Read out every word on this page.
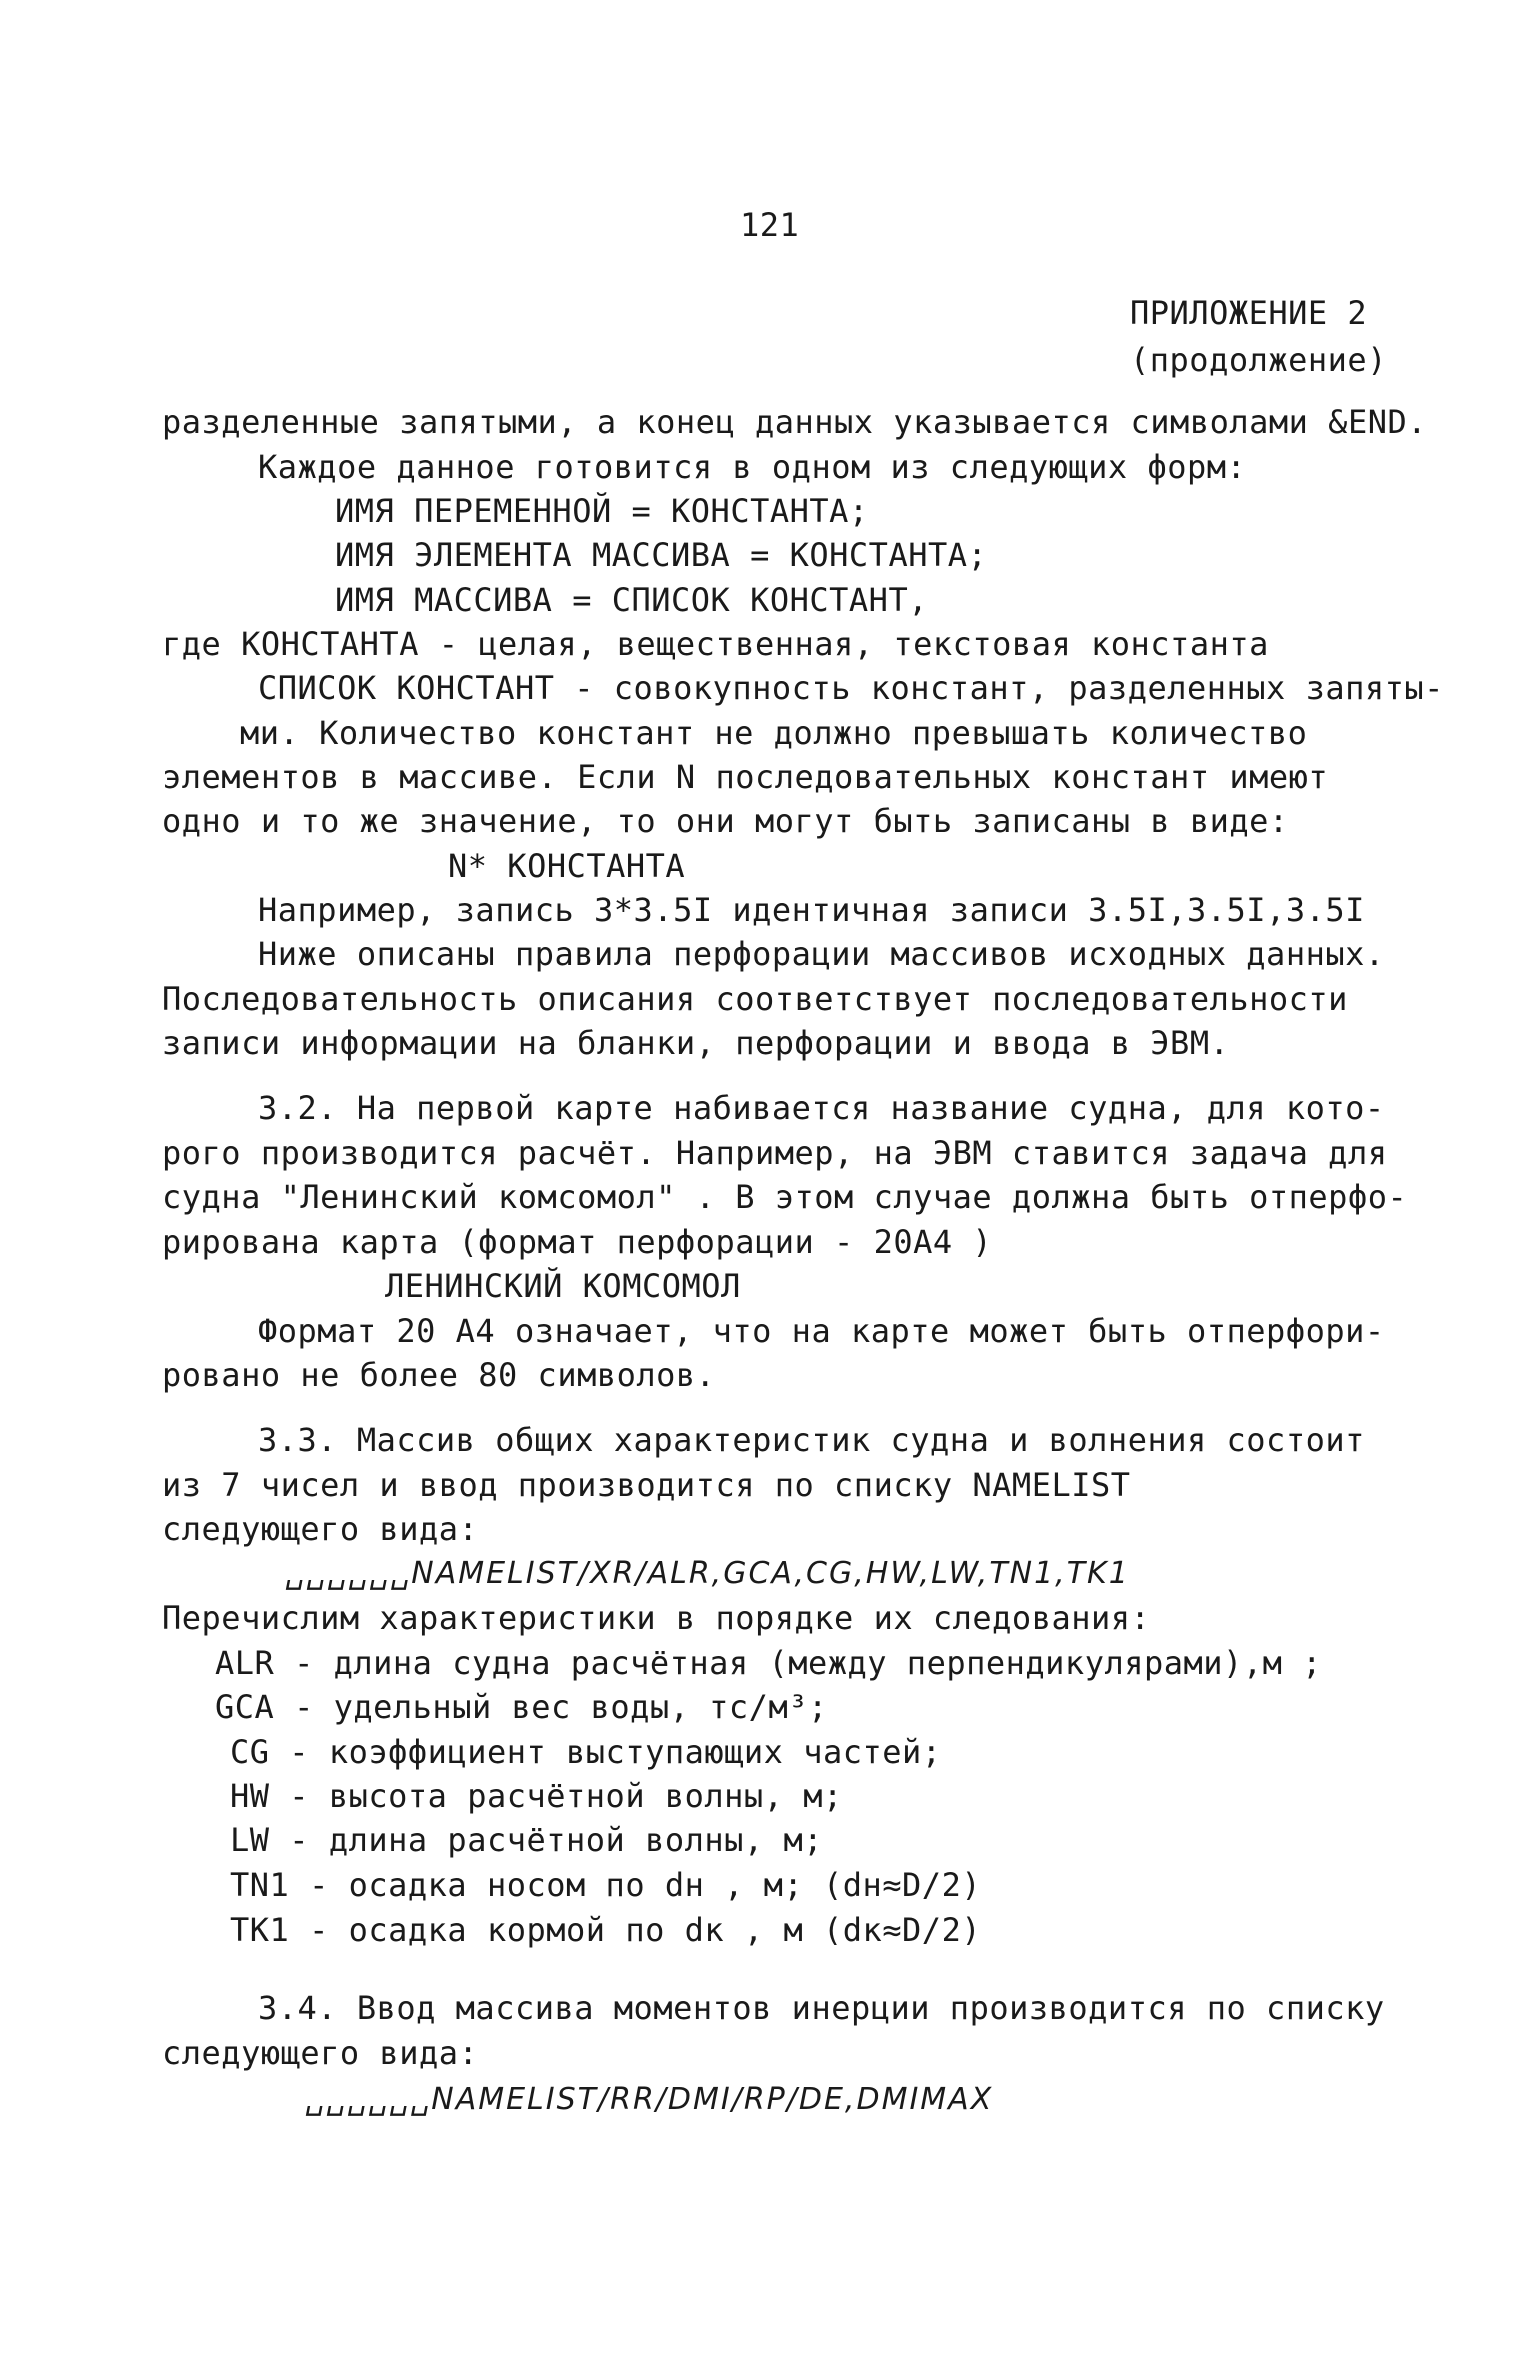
121
ПРИЛОЖЕНИЕ 2
(продолжение)
разделенные запятыми, а конец данных указывается символами &END.
Каждое данное готовится в одном из следующих форм:
ИМЯ ПЕРЕМЕННОЙ = КОНСТАНТА;
ИМЯ ЭЛЕМЕНТА МАССИВА = КОНСТАНТА;
ИМЯ МАССИВА = СПИСОК КОНСТАНТ,
где КОНСТАНТА - целая, вещественная, текстовая константа
СПИСОК КОНСТАНТ - совокупность констант, разделенных запяты-
ми. Количество констант не должно превышать количество
элементов в массиве. Если N последовательных констант имеют
одно и то же значение, то они могут быть записаны в виде:
N* КОНСТАНТА
Например, запись 3*3.5I идентичная записи 3.5I,3.5I,3.5I
Ниже описаны правила перфорации массивов исходных данных.
Последовательность описания соответствует последовательности
записи информации на бланки, перфорации и ввода в ЭВМ.
3.2. На первой карте набивается название судна, для кото-
рого производится расчёт. Например, на ЭВМ ставится задача для
судна "Ленинский комсомол" . В этом случае должна быть отперфо-
рирована карта (формат перфорации - 20A4 )
ЛЕНИНСКИЙ КОМСОМОЛ
Формат 20 A4 означает, что на карте может быть отперфори-
ровано не более 80 символов.
3.3. Массив общих характеристик судна и волнения состоит
из 7 чисел и ввод производится по списку NAMELIST
следующего вида:
␣␣␣␣␣␣NAMELIST/XR/ALR,GCA,CG,HW,LW,TN1,TK1
Перечислим характеристики в порядке их следования:
ALR - длина судна расчётная (между перпендикулярами),м ;
GCA - удельный вес воды, тс/м³;
CG - коэффициент выступающих частей;
HW - высота расчётной волны, м;
LW - длина расчётной волны, м;
TN1 - осадка носом по dн , м; (dн≈D/2)
TK1 - осадка кормой по dк , м (dк≈D/2)
3.4. Ввод массива моментов инерции производится по списку
следующего вида:
␣␣␣␣␣␣NAMELIST/RR/DMI/RP/DE,DMIMAX
